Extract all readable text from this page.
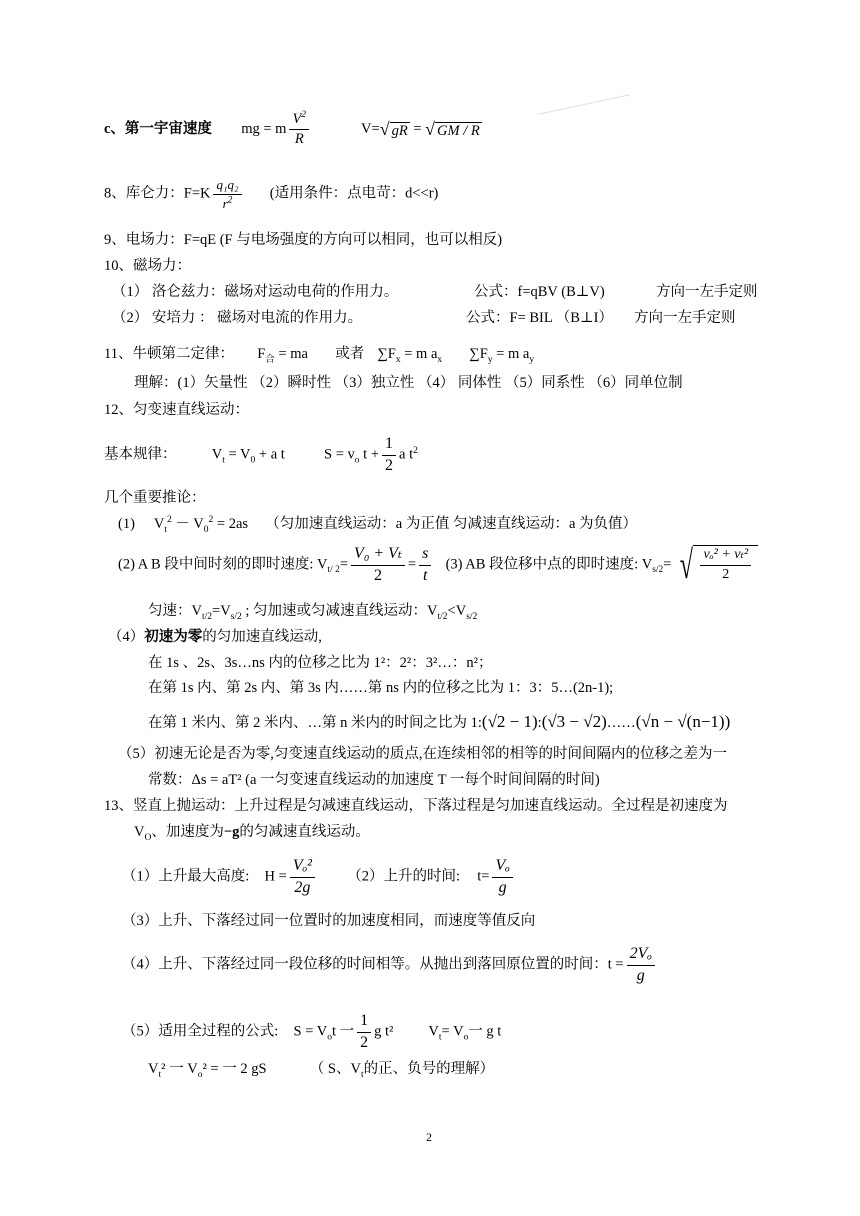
c、第一宇宙速度 mg = m $\frac{V^2}{R}$	V=√ gR = √ GM / R
8、库仑力：$F=K \frac{\text{q₁q₂}}{r^2}$ (适用条件：点电苛：d<<r)
9、电场力：F=qE (F 与电场强度的方向可以相同，也可以相反)
10、磁场力：
（1） 洛仑兹力：磁场对运动电荷的作用力。	公式：f=qBV (B⊥V)	方向一左手定则
（2） 安培力 ： 磁场对电流的作用力。	公式：F= BIL （B⊥I） 方向一左手定则
11、牛顿第二定律： $F_合$ = ma 或者 $\sum F_x = m$ $a_x$ $\sum F_y = m$ $a_y$
理解：(1）矢量性 （2）瞬时性 （3）独立性 （4） 同体性 （5）同系性 （6）同单位制
12、匀变速直线运动：
基本规律： $V_t = V_0 + a$ t	$S = v_o$ $t + \frac{1}{2}$ a $t^2$
几个重要推论：
(1) $V_t^2 - V_0^2 = 2as$ （匀加速直线运动：a 为正值 匀减速直线运动：a 为负值）
(2) A B 段中间时刻的即时速度: $V_{t/ 2}= \frac{\text{V₀ + Vₜ}}{2} = \frac{s}{t} (3)$ AB 段位移中点的即时速度: $V_{s/2}=$ √ $\frac{\text{vₒ² + vₜ²}}{2}$
匀速：$V_{t/2}=V_{s/2}$ ; 匀加速或匀减速直线运动：$V_{t/2}<V_{s/2}$
（4）初速为零的匀加速直线运动,
在 1s 、2s、3s…ns 内的位移之比为 1²：2²：3²…：n²；
在第 1s 内、第 2s 内、第 3s 内……第 ns 内的位移之比为 1：3：5…(2n-1);
在第 1 米内、第 2 米内、…第 n 米内的时间之比为 1:(√2 − 1):(√3 − √2)……(√n − √(n−1))
（5）初速无论是否为零,匀变速直线运动的质点,在连续相邻的相等的时间间隔内的位移之差为一
常数：Δs = aT² (a 一匀变速直线运动的加速度 T 一每个时间间隔的时间)
13、竖直上抛运动：上升过程是匀减速直线运动，下落过程是匀加速直线运动。全过程是初速度为
$V_O$、加速度为−g的匀减速直线运动。
（1）上升最大高度: $H = \frac{\text{Vₒ²}}{2g} (2)$上升的时间: $t= \frac{\text{Vₒ}}{g}$
（3）上升、下落经过同一位置时的加速度相同，而速度等值反向
（4）上升、下落经过同一段位移的时间相等。从抛出到落回原位置的时间：$t = \frac{\text{2Vₒ}}{g}$
（5）适用全过程的公式: $S = V_ot$ 一 $\frac{1}{2}$ g t² $V_t= V_o$一 g t
$V_t^2$ 一 $V_o^2$ = 一 2 gS	（ S、$V_t$的正、负号的理解）
2
